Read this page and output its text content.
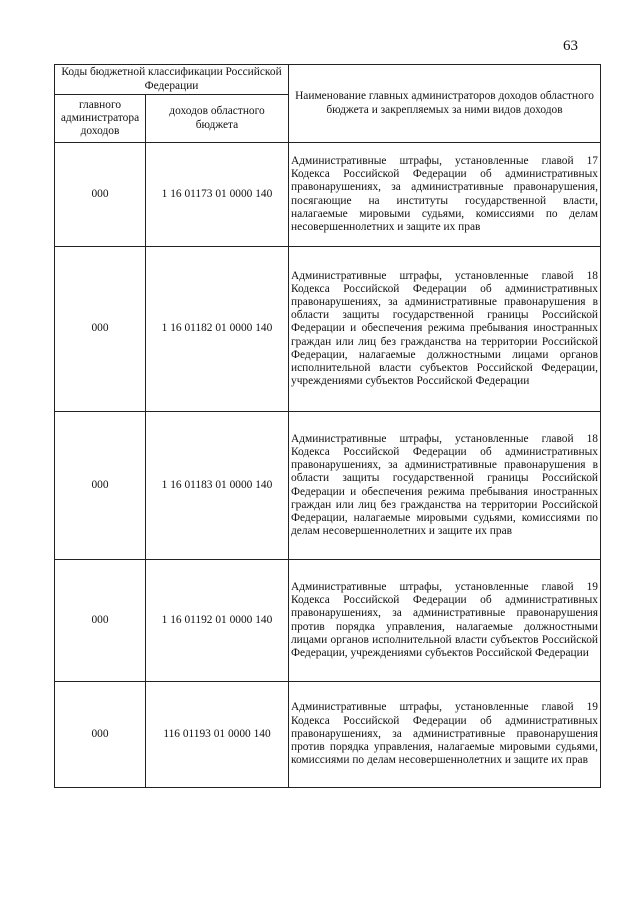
63
Коды бюджетной классификации Российской Федерации		Наименование главных администраторов доходов областного бюджета и закрепляемых за ними видов доходов
главного администратора доходов	доходов областного бюджета	
000	1 16 01173 01 0000 140	Административные штрафы, установленные главой 17 Кодекса Российской Федерации об административных правонарушениях, за административные правонарушения, посягающие на институты государственной власти, налагаемые мировыми судьями, комиссиями по делам несовершеннолетних и защите их прав
000	1 16 01182 01 0000 140	Административные штрафы, установленные главой 18 Кодекса Российской Федерации об административных правонарушениях, за административные правонарушения в области защиты государственной границы Российской Федерации и обеспечения режима пребывания иностранных граждан или лиц без гражданства на территории Российской Федерации, налагаемые должностными лицами органов исполнительной власти субъектов Российской Федерации, учреждениями субъектов Российской Федерации
000	1 16 01183 01 0000 140	Административные штрафы, установленные главой 18 Кодекса Российской Федерации об административных правонарушениях, за административные правонарушения в области защиты государственной границы Российской Федерации и обеспечения режима пребывания иностранных граждан или лиц без гражданства на территории Российской Федерации, налагаемые мировыми судьями, комиссиями по делам несовершеннолетних и защите их прав
000	1 16 01192 01 0000 140	Административные штрафы, установленные главой 19 Кодекса Российской Федерации об административных правонарушениях, за административные правонарушения против порядка управления, налагаемые должностными лицами органов исполнительной власти субъектов Российской Федерации, учреждениями субъектов Российской Федерации
000	116 01193 01 0000 140	Административные штрафы, установленные главой 19 Кодекса Российской Федерации об административных правонарушениях, за административные правонарушения против порядка управления, налагаемые мировыми судьями, комиссиями по делам несовершеннолетних и защите их прав
